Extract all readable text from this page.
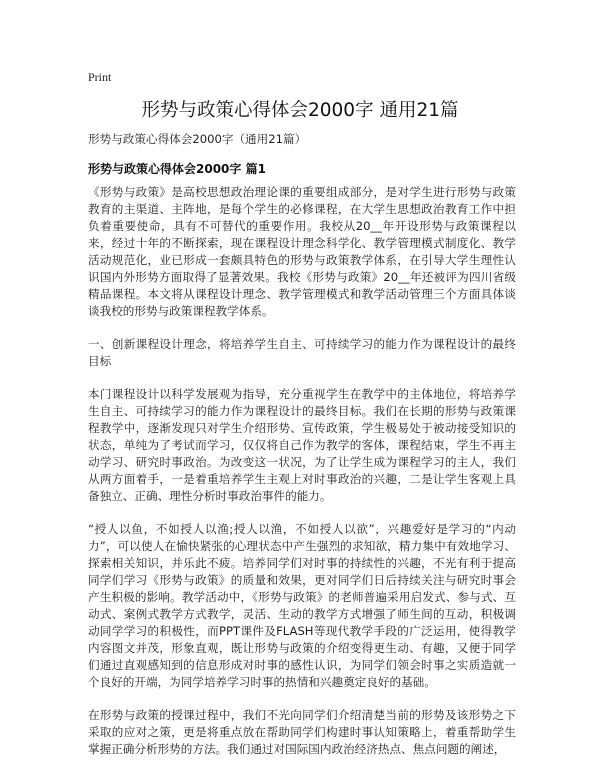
Print
形势与政策心得体会2000字 通用21篇
形势与政策心得体会2000字（通用21篇）
形势与政策心得体会2000字 篇1

《形势与政策》是高校思想政治理论课的重要组成部分，是对学生进行形势与政策教育的主渠道、主阵地，是每个学生的必修课程，在大学生思想政治教育工作中担负着重要使命，具有不可替代的重要作用。我校从20__年开设形势与政策课程以来，经过十年的不断探索，现在课程设计理念科学化、教学管理模式制度化、教学活动规范化，业已形成一套颇具特色的形势与政策教学体系，在引导大学生理性认识国内外形势方面取得了显著效果。我校《形势与政策》20__年还被评为四川省级精品课程。本文将从课程设计理念、教学管理模式和教学活动管理三个方面具体谈谈我校的形势与政策课程教学体系。

一、创新课程设计理念，将培养学生自主、可持续学习的能力作为课程设计的最终目标

本门课程设计以科学发展观为指导，充分重视学生在教学中的主体地位，将培养学生自主、可持续学习的能力作为课程设计的最终目标。我们在长期的形势与政策课程教学中，逐渐发现只对学生介绍形势、宣传政策，学生极易处于被动接受知识的状态，单纯为了考试而学习，仅仅将自己作为教学的客体，课程结束，学生不再主动学习、研究时事政治。为改变这一状况，为了让学生成为课程学习的主人，我们从两方面着手，一是着重培养学生主观上对时事政治的兴趣，二是让学生客观上具备独立、正确、理性分析时事政治事件的能力。

“授人以鱼，不如授人以渔;授人以渔，不如授人以欲”，兴趣爱好是学习的“内动力”，可以使人在愉快紧张的心理状态中产生强烈的求知欲，精力集中有效地学习、探索相关知识，并乐此不疲。培养同学们对时事的持续性的兴趣，不光有利于提高同学们学习《形势与政策》的质量和效果，更对同学们日后持续关注与研究时事会产生积极的影响。教学活动中，《形势与政策》的老师普遍采用启发式、参与式、互动式、案例式教学方式教学，灵活、生动的教学方式增强了师生间的互动，积极调动同学学习的积极性，而PPT课件及FLASH等现代教学手段的广泛运用，使得教学内容图文并茂，形象直观，既让形势与政策的介绍变得更生动、有趣，又便于同学们通过直观感知到的信息形成对时事的感性认识，为同学们领会时事之实质造就一个良好的开端，为同学培养学习时事的热情和兴趣奠定良好的基础。

在形势与政策的授课过程中，我们不光向同学们介绍清楚当前的形势及该形势之下采取的应对之策，更是将重点放在帮助同学们构建时事认知策略上，着重帮助学生掌握正确分析形势的方法。我们通过对国际国内政治经济热点、焦点问题的阐述，
